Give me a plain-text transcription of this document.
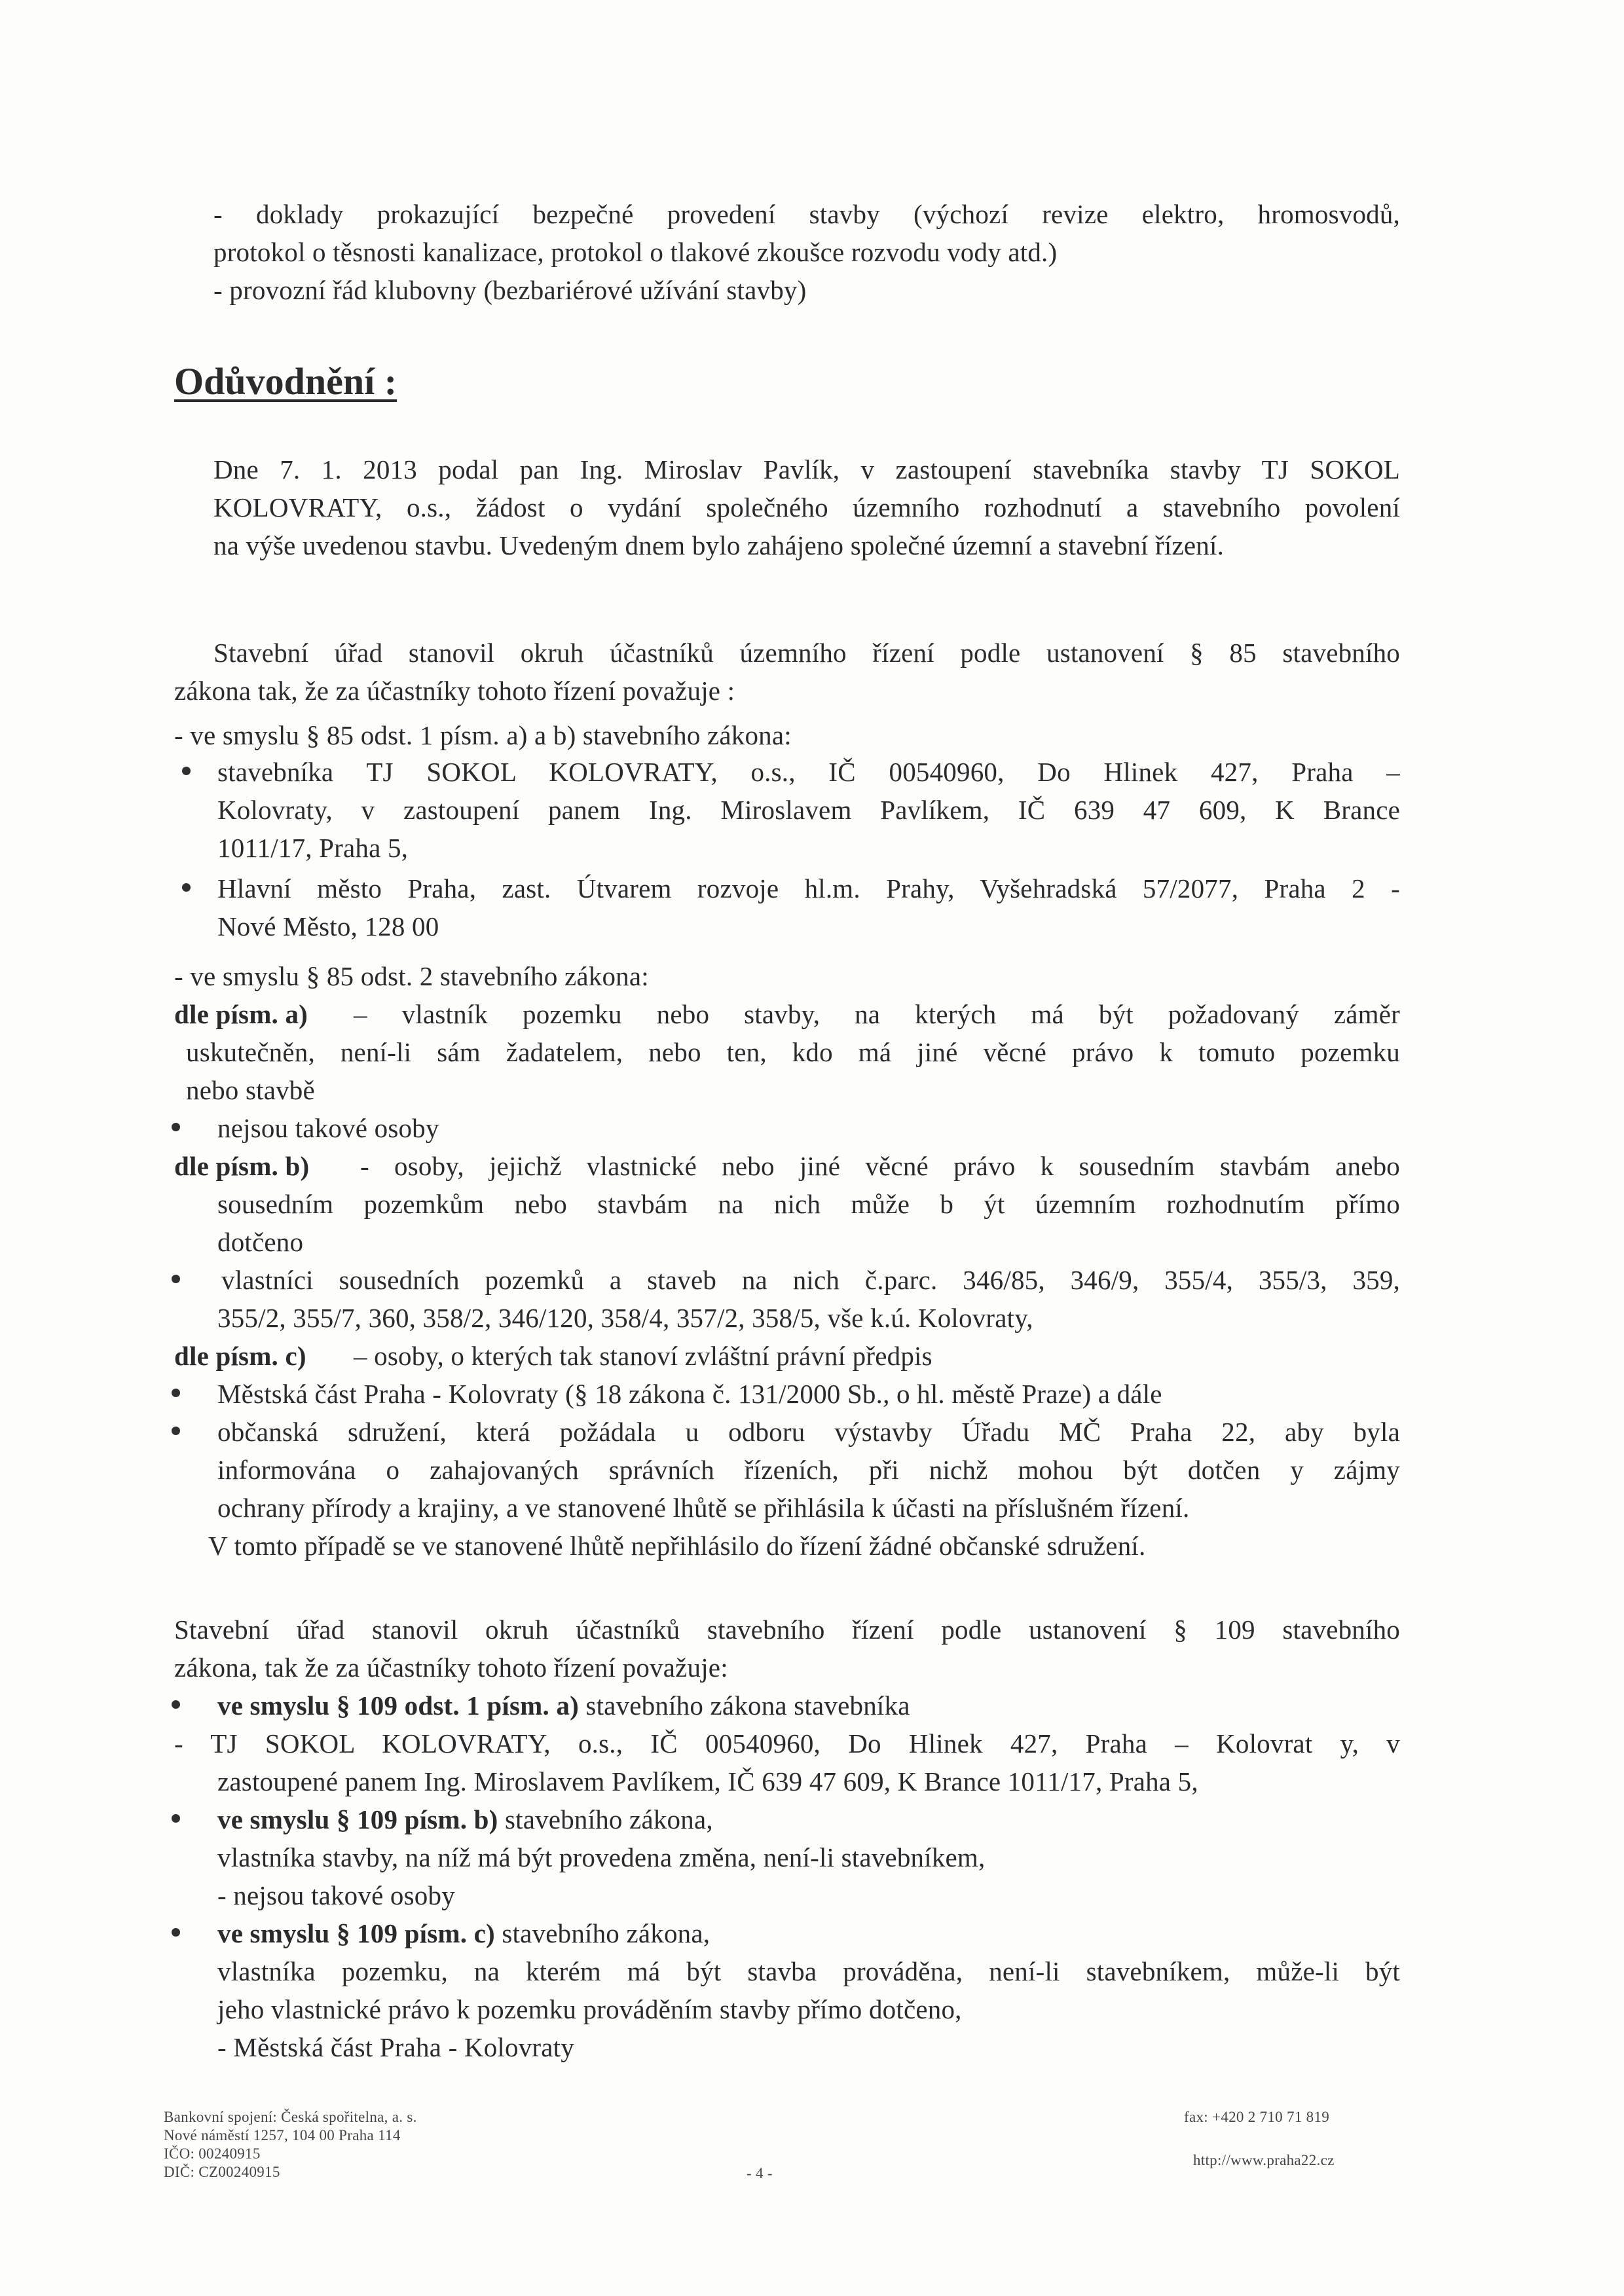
- doklady prokazující bezpečné provedení stavby (výchozí revize elektro, hromosvodů,
protokol o těsnosti kanalizace, protokol o tlakové zkoušce rozvodu vody atd.)
- provozní řád klubovny (bezbariérové užívání stavby)
Odůvodnění :
Dne 7. 1. 2013 podal pan Ing. Miroslav Pavlík, v zastoupení stavebníka stavby TJ SOKOL
KOLOVRATY, o.s., žádost o vydání společného územního rozhodnutí a stavebního povolení
na výše uvedenou stavbu. Uvedeným dnem bylo zahájeno společné územní a stavební řízení.
Stavební úřad stanovil okruh účastníků územního řízení podle ustanovení § 85 stavebního
zákona tak, že za účastníky tohoto řízení považuje :
- ve smyslu § 85 odst. 1 písm. a) a b) stavebního zákona:
stavebníka TJ SOKOL KOLOVRATY, o.s., IČ 00540960, Do Hlinek 427, Praha –
Kolovraty, v zastoupení panem Ing. Miroslavem Pavlíkem, IČ 639 47 609, K Brance
1011/17, Praha 5,
Hlavní město Praha, zast. Útvarem rozvoje hl.m. Prahy, Vyšehradská 57/2077, Praha 2 -
Nové Město, 128 00
- ve smyslu § 85 odst. 2 stavebního zákona:
dle písm. a) – vlastník pozemku nebo stavby, na kterých má být požadovaný záměr
uskutečněn, není-li sám žadatelem, nebo ten, kdo má jiné věcné právo k tomuto pozemku
nebo stavbě
nejsou takové osoby
dle písm. b) - osoby, jejichž vlastnické nebo jiné věcné právo k sousedním stavbám anebo
sousedním pozemkům nebo stavbám na nich může b ýt územním rozhodnutím přímo
dotčeno
vlastníci sousedních pozemků a staveb na nich č.parc. 346/85, 346/9, 355/4, 355/3, 359,
355/2, 355/7, 360, 358/2, 346/120, 358/4, 357/2, 358/5, vše k.ú. Kolovraty,
dle písm. c) – osoby, o kterých tak stanoví zvláštní právní předpis
Městská část Praha - Kolovraty (§ 18 zákona č. 131/2000 Sb., o hl. městě Praze) a dále
občanská sdružení, která požádala u odboru výstavby Úřadu MČ Praha 22, aby byla
informována o zahajovaných správních řízeních, při nichž mohou být dotčen y zájmy
ochrany přírody a krajiny, a ve stanovené lhůtě se přihlásila k účasti na příslušném řízení.
V tomto případě se ve stanovené lhůtě nepřihlásilo do řízení žádné občanské sdružení.
Stavební úřad stanovil okruh účastníků stavebního řízení podle ustanovení § 109 stavebního
zákona, tak že za účastníky tohoto řízení považuje:
ve smyslu § 109 odst. 1 písm. a) stavebního zákona stavebníka
- TJ SOKOL KOLOVRATY, o.s., IČ 00540960, Do Hlinek 427, Praha – Kolovrat y, v
zastoupené panem Ing. Miroslavem Pavlíkem, IČ 639 47 609, K Brance 1011/17, Praha 5,
ve smyslu § 109 písm. b) stavebního zákona,
vlastníka stavby, na níž má být provedena změna, není-li stavebníkem,
- nejsou takové osoby
ve smyslu § 109 písm. c) stavebního zákona,
vlastníka pozemku, na kterém má být stavba prováděna, není-li stavebníkem, může-li být
jeho vlastnické právo k pozemku prováděním stavby přímo dotčeno,
- Městská část Praha - Kolovraty
Bankovní spojení: Česká spořitelna, a. s.
Nové náměstí 1257, 104 00 Praha 114
IČO: 00240915
DIČ: CZ00240915	- 4 -
fax: +420 2 710 71 819
http://www.praha22.cz
